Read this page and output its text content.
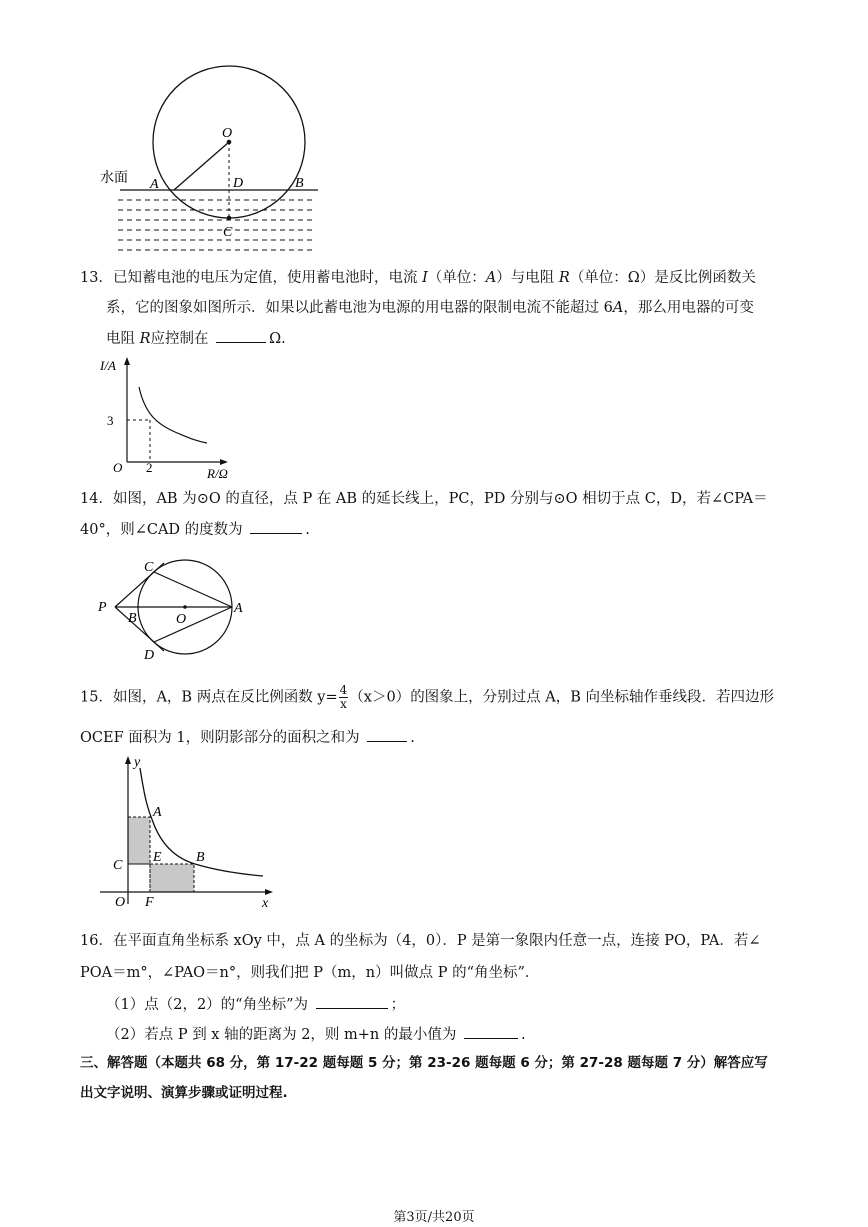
水面
O
A	D	B
C
13．已知蓄电池的电压为定值，使用蓄电池时，电流 I（单位：A）与电阻 R（单位：Ω）是反比例函数关
系，它的图象如图所示．如果以此蓄电池为电源的用电器的限制电流不能超过 6A，那么用电器的可变
电阻 R应控制在	Ω.
I/A
R/Ω
O
3
2
14．如图，AB 为⊙O 的直径，点 P 在 AB 的延长线上，PC，PD 分别与⊙O 相切于点 C，D，若∠CPA＝
40°，则∠CAD 的度数为	.
C
P
B	O
A
D
15．如图，A，B 两点在反比例函数 $y= \frac{4}{x} (x>0)$的图象上，分别过点 A，B 向坐标轴作垂线段．若四边形
OCEF 面积为 1，则阴影部分的面积之和为	.
y
A
C
E B
O F	x
16．在平面直角坐标系 xOy 中，点 A 的坐标为（4，0）．P 是第一象限内任意一点，连接 PO，PA．若∠
POA＝m°，∠PAO＝n°，则我们把 P（m，n）叫做点 P 的“角坐标”．
（1）点（2，2）的“角坐标”为	；
（2）若点 P 到 x 轴的距离为 2，则 m+n 的最小值为	.
三、解答题（本题共 68 分，第 17-22 题每题 5 分；第 23-26 题每题 6 分；第 27-28 题每题 7 分）解答应写
出文字说明、演算步骤或证明过程.
第3页/共20页
